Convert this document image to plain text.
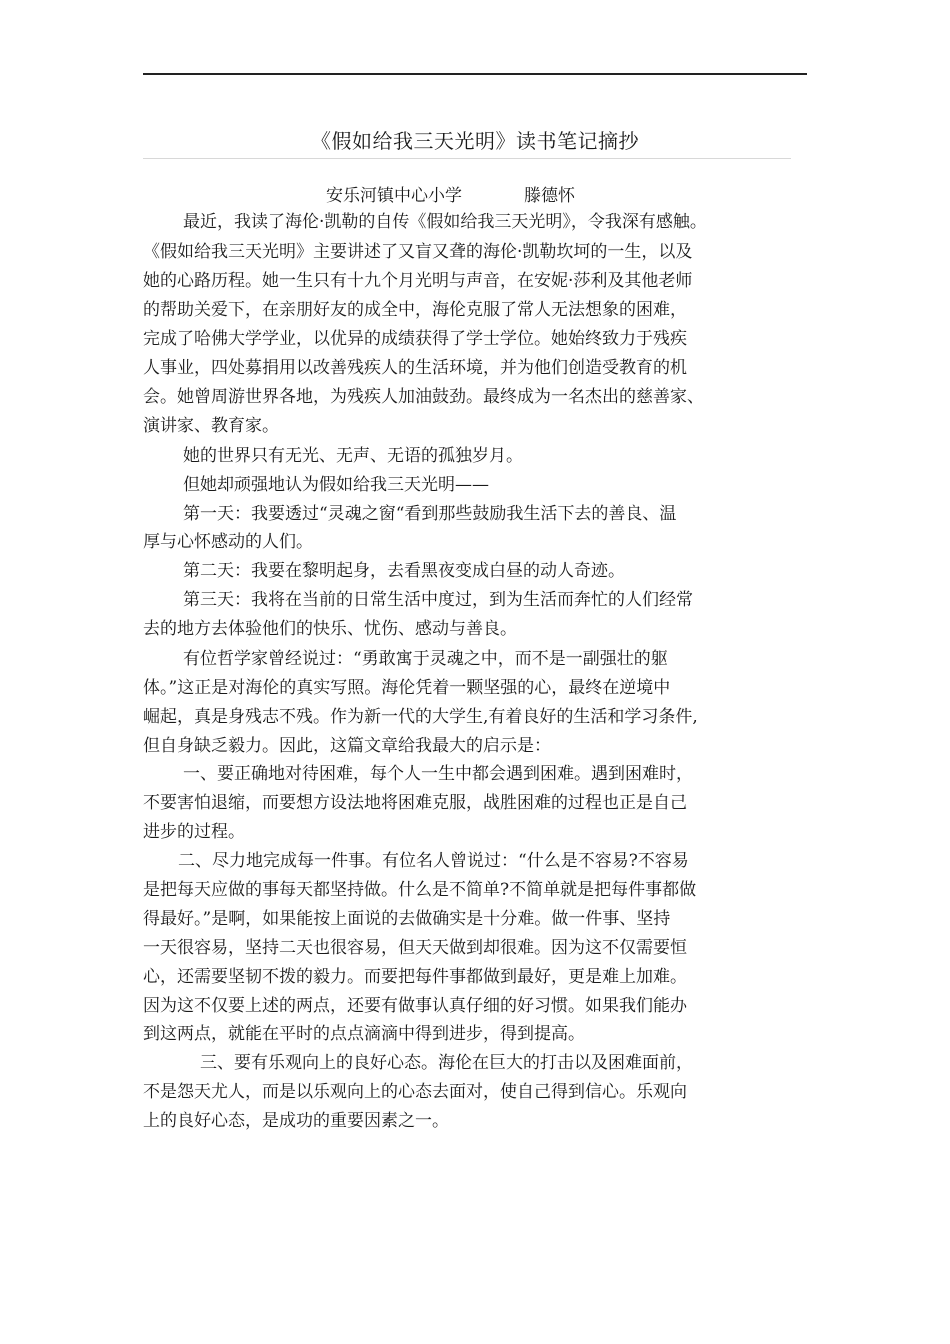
《假如给我三天光明》读书笔记摘抄
安乐河镇中心小学	滕德怀
最近，我读了海伦·凯勒的自传《假如给我三天光明》，令我深有感触。
《假如给我三天光明》主要讲述了又盲又聋的海伦·凯勒坎坷的一生，以及
她的心路历程。她一生只有十九个月光明与声音，在安妮·莎利及其他老师
的帮助关爱下，在亲朋好友的成全中，海伦克服了常人无法想象的困难，
完成了哈佛大学学业，以优异的成绩获得了学士学位。她始终致力于残疾
人事业，四处募捐用以改善残疾人的生活环境，并为他们创造受教育的机
会。她曾周游世界各地，为残疾人加油鼓劲。最终成为一名杰出的慈善家、
演讲家、教育家。
她的世界只有无光、无声、无语的孤独岁月。
但她却顽强地认为假如给我三天光明——
第一天：我要透过“灵魂之窗“看到那些鼓励我生活下去的善良、温
厚与心怀感动的人们。
第二天：我要在黎明起身，去看黑夜变成白昼的动人奇迹。
第三天：我将在当前的日常生活中度过，到为生活而奔忙的人们经常
去的地方去体验他们的快乐、忧伤、感动与善良。
有位哲学家曾经说过：“勇敢寓于灵魂之中，而不是一副强壮的躯
体。”这正是对海伦的真实写照。海伦凭着一颗坚强的心，最终在逆境中
崛起，真是身残志不残。作为新一代的大学生,有着良好的生活和学习条件,
但自身缺乏毅力。因此，这篇文章给我最大的启示是：
一、要正确地对待困难，每个人一生中都会遇到困难。遇到困难时，
不要害怕退缩，而要想方设法地将困难克服，战胜困难的过程也正是自己
进步的过程。
二、尽力地完成每一件事。有位名人曾说过：“什么是不容易?不容易
是把每天应做的事每天都坚持做。什么是不简单?不简单就是把每件事都做
得最好。”是啊，如果能按上面说的去做确实是十分难。做一件事、坚持
一天很容易，坚持二天也很容易，但天天做到却很难。因为这不仅需要恒
心，还需要坚韧不拨的毅力。而要把每件事都做到最好，更是难上加难。
因为这不仅要上述的两点，还要有做事认真仔细的好习惯。如果我们能办
到这两点，就能在平时的点点滴滴中得到进步，得到提高。
三、要有乐观向上的良好心态。海伦在巨大的打击以及困难面前，
不是怨天尤人，而是以乐观向上的心态去面对，使自己得到信心。乐观向
上的良好心态，是成功的重要因素之一。
